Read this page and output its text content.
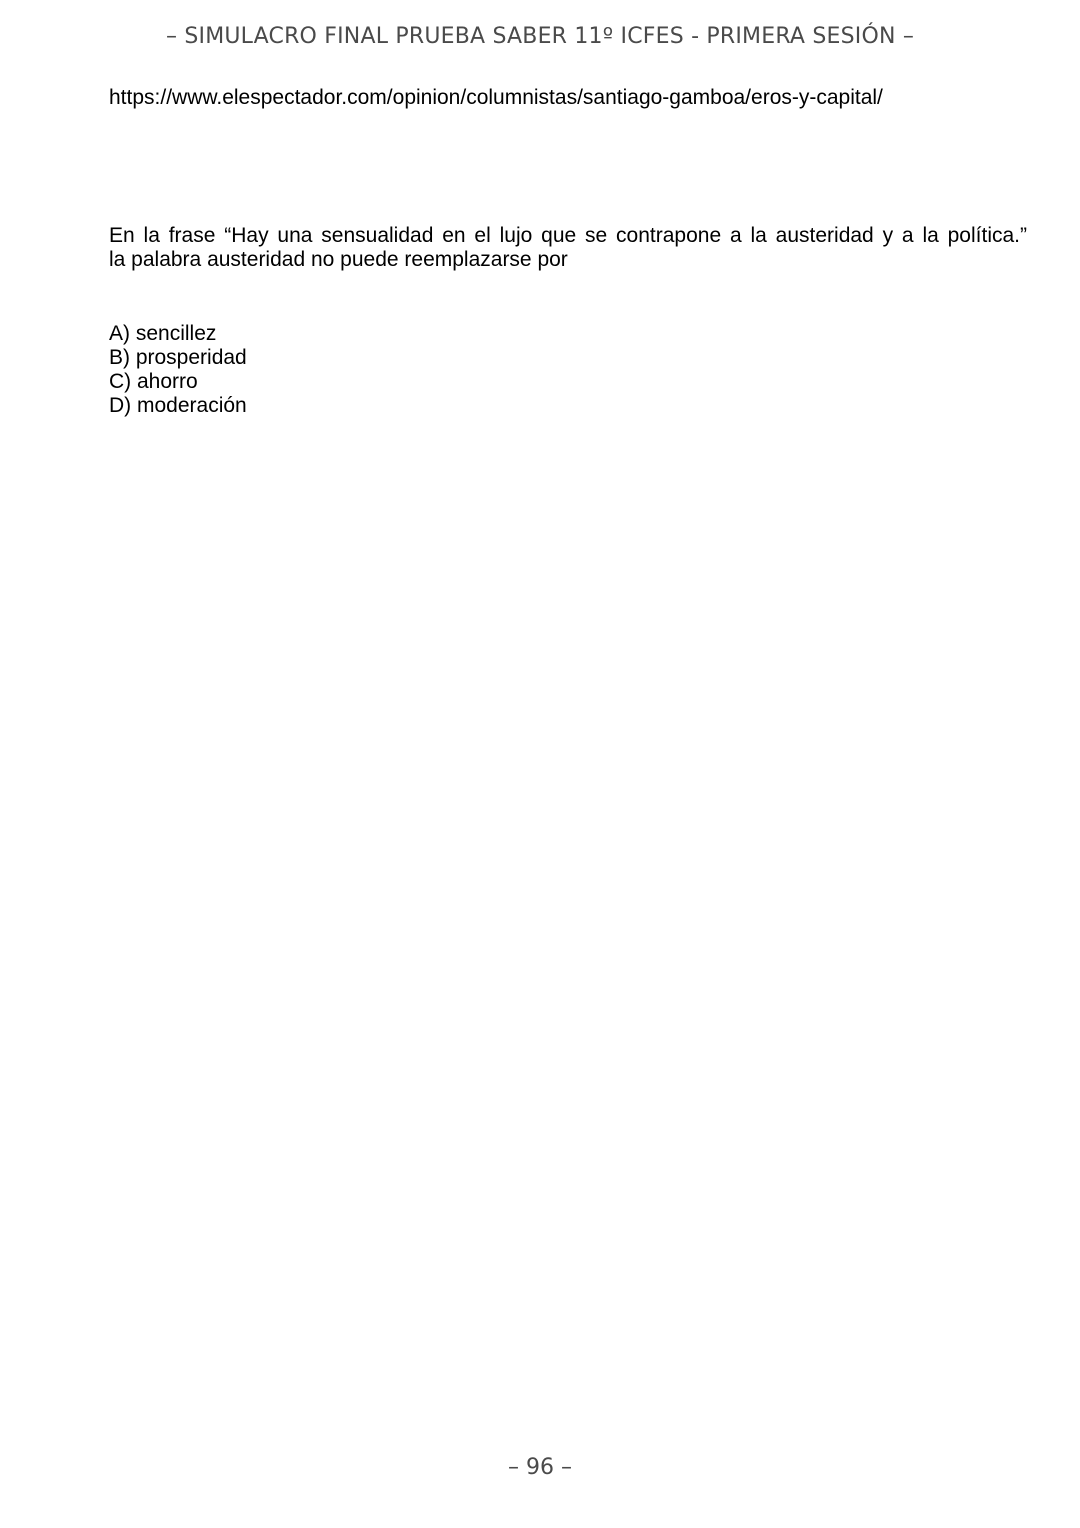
– SIMULACRO FINAL PRUEBA SABER 11º ICFES - PRIMERA SESIÓN –
https://www.elespectador.com/opinion/columnistas/santiago-gamboa/eros-y-capital/
En la frase “Hay una sensualidad en el lujo que se contrapone a la austeridad y a la política.”
la palabra austeridad no puede reemplazarse por
A) sencillez
B) prosperidad
C) ahorro
D) moderación
– 96 –
